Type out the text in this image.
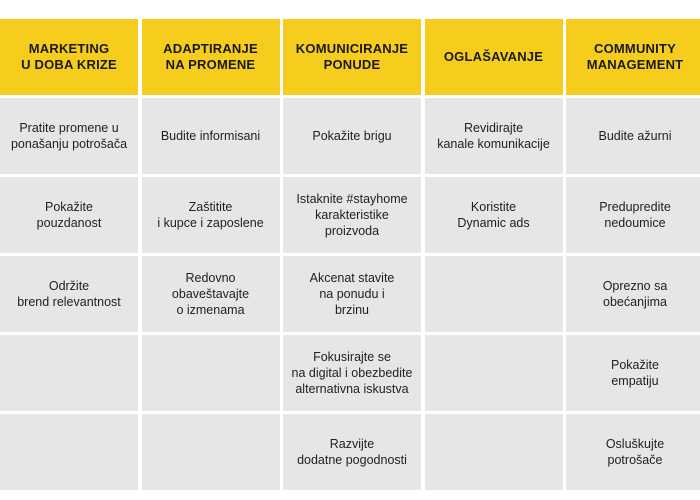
MARKETING
U DOBA KRIZE
ADAPTIRANJE
NA PROMENE
KOMUNICIRANJE
PONUDE
OGLAŠAVANJE
COMMUNITY
MANAGEMENT
Pratite promene u
ponašanju potrošača
Budite informisani	Pokažite brigu
Revidirajte
kanale komunikacije
Budite ažurni
Pokažite
pouzdanost
Zaštitite
i kupce i zaposlene
Istaknite #stayhome
karakteristike
proizvoda
Koristite
Dynamic ads
Predupredite
nedoumice
Održite
brend relevantnost
Redovno
obaveštavajte
o izmenama
Akcenat stavite
na ponudu i
brzinu
Oprezno sa
obećanjima
Fokusirajte se
na digital i obezbedite
alternativna iskustva
Pokažite
empatiju
Razvijte
dodatne pogodnosti
Osluškujte
potrošače
